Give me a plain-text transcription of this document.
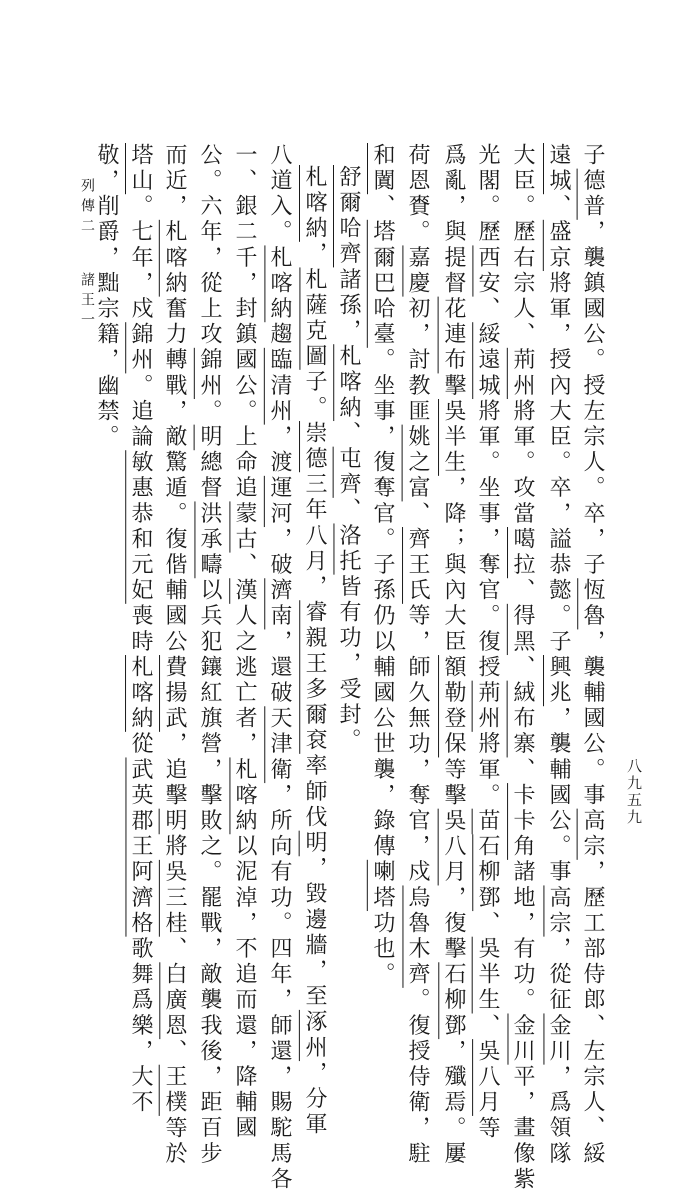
八九五九
子德普，襲鎮國公。授左宗人。卒，子恆魯，襲輔國公。事高宗，歷工部侍郎、左宗人、綏
遠城、盛京將軍，授內大臣。卒，謚恭懿。子興兆，襲輔國公。事高宗，從征金川，爲領隊
大臣。歷右宗人、荊州將軍。攻當噶拉、得黑、絨布寨、卡卡角諸地，有功。金川平，畫像紫
光閣。歷西安、綏遠城將軍。坐事，奪官。復授荊州將軍。苗石柳鄧、吳半生、吳八月等
爲亂，與提督花連布擊吳半生，降；與內大臣額勒登保等擊吳八月，復擊石柳鄧，殲焉。屢
荷恩賚。嘉慶初，討教匪姚之富、齊王氏等，師久無功，奪官，戍烏魯木齊。復授侍衛，駐
和闐、塔爾巴哈臺。坐事，復奪官。子孫仍以輔國公世襲，錄傳喇塔功也。
舒爾哈齊諸孫，札喀納、屯齊、洛托皆有功，受封。
札喀納，札薩克圖子。崇德三年八月，睿親王多爾袞率師伐明，毀邊牆，至涿州，分軍
八道入。札喀納趨臨清州，渡運河，破濟南，還破天津衛，所向有功。四年，師還，賜駝馬各
一、銀二千，封鎮國公。上命追蒙古、漢人之逃亡者，札喀納以泥淖，不追而還，降輔國
公。六年，從上攻錦州。明總督洪承疇以兵犯鑲紅旗營，擊敗之。罷戰，敵襲我後，距百步
而近，札喀納奮力轉戰，敵驚遁。復偕輔國公費揚武，追擊明將吳三桂、白廣恩、王樸等於
塔山。七年，戍錦州。追論敏惠恭和元妃喪時札喀納從武英郡王阿濟格歌舞爲樂，大不
敬，削爵，黜宗籍，幽禁。
列傳二
諸王一
